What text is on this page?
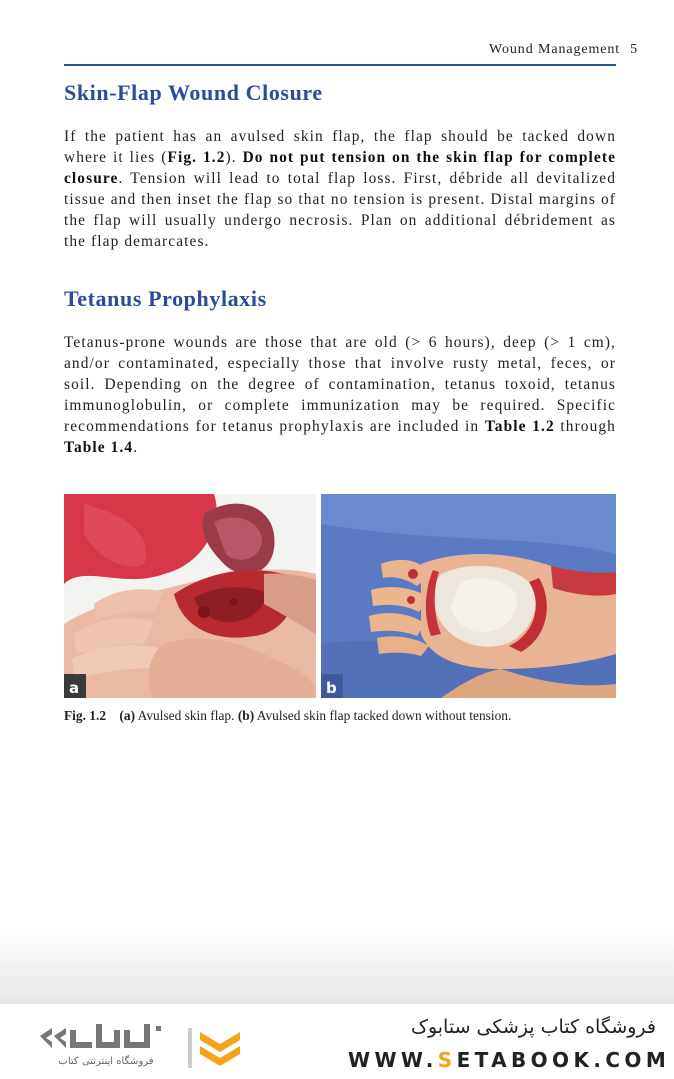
Wound Management 5
Skin-Flap Wound Closure

If the patient has an avulsed skin flap, the flap should be tacked down where it lies (Fig. 1.2). Do not put tension on the skin flap for complete closure. Tension will lead to total flap loss. First, débride all devitalized tissue and then inset the flap so that no tension is present. Distal margins of the flap will usually undergo necrosis. Plan on additional débridement as the flap demarcates.

Tetanus Prophylaxis

Tetanus-prone wounds are those that are old (> 6 hours), deep (> 1 cm), and/or contaminated, especially those that involve rusty metal, feces, or soil. Depending on the degree of contamination, tetanus toxoid, tetanus immunoglobulin, or complete immunization may be required. Specific recommendations for tetanus prophylaxis are included in Table 1.2 through Table 1.4.

a	b

Fig. 1.2 (a) Avulsed skin flap. (b) Avulsed skin flap tacked down without tension.

فروشگاه اینترنتی کتاب
فروشگاه کتاب پزشکی ستابوک
WWW.SETABOOK.COM
